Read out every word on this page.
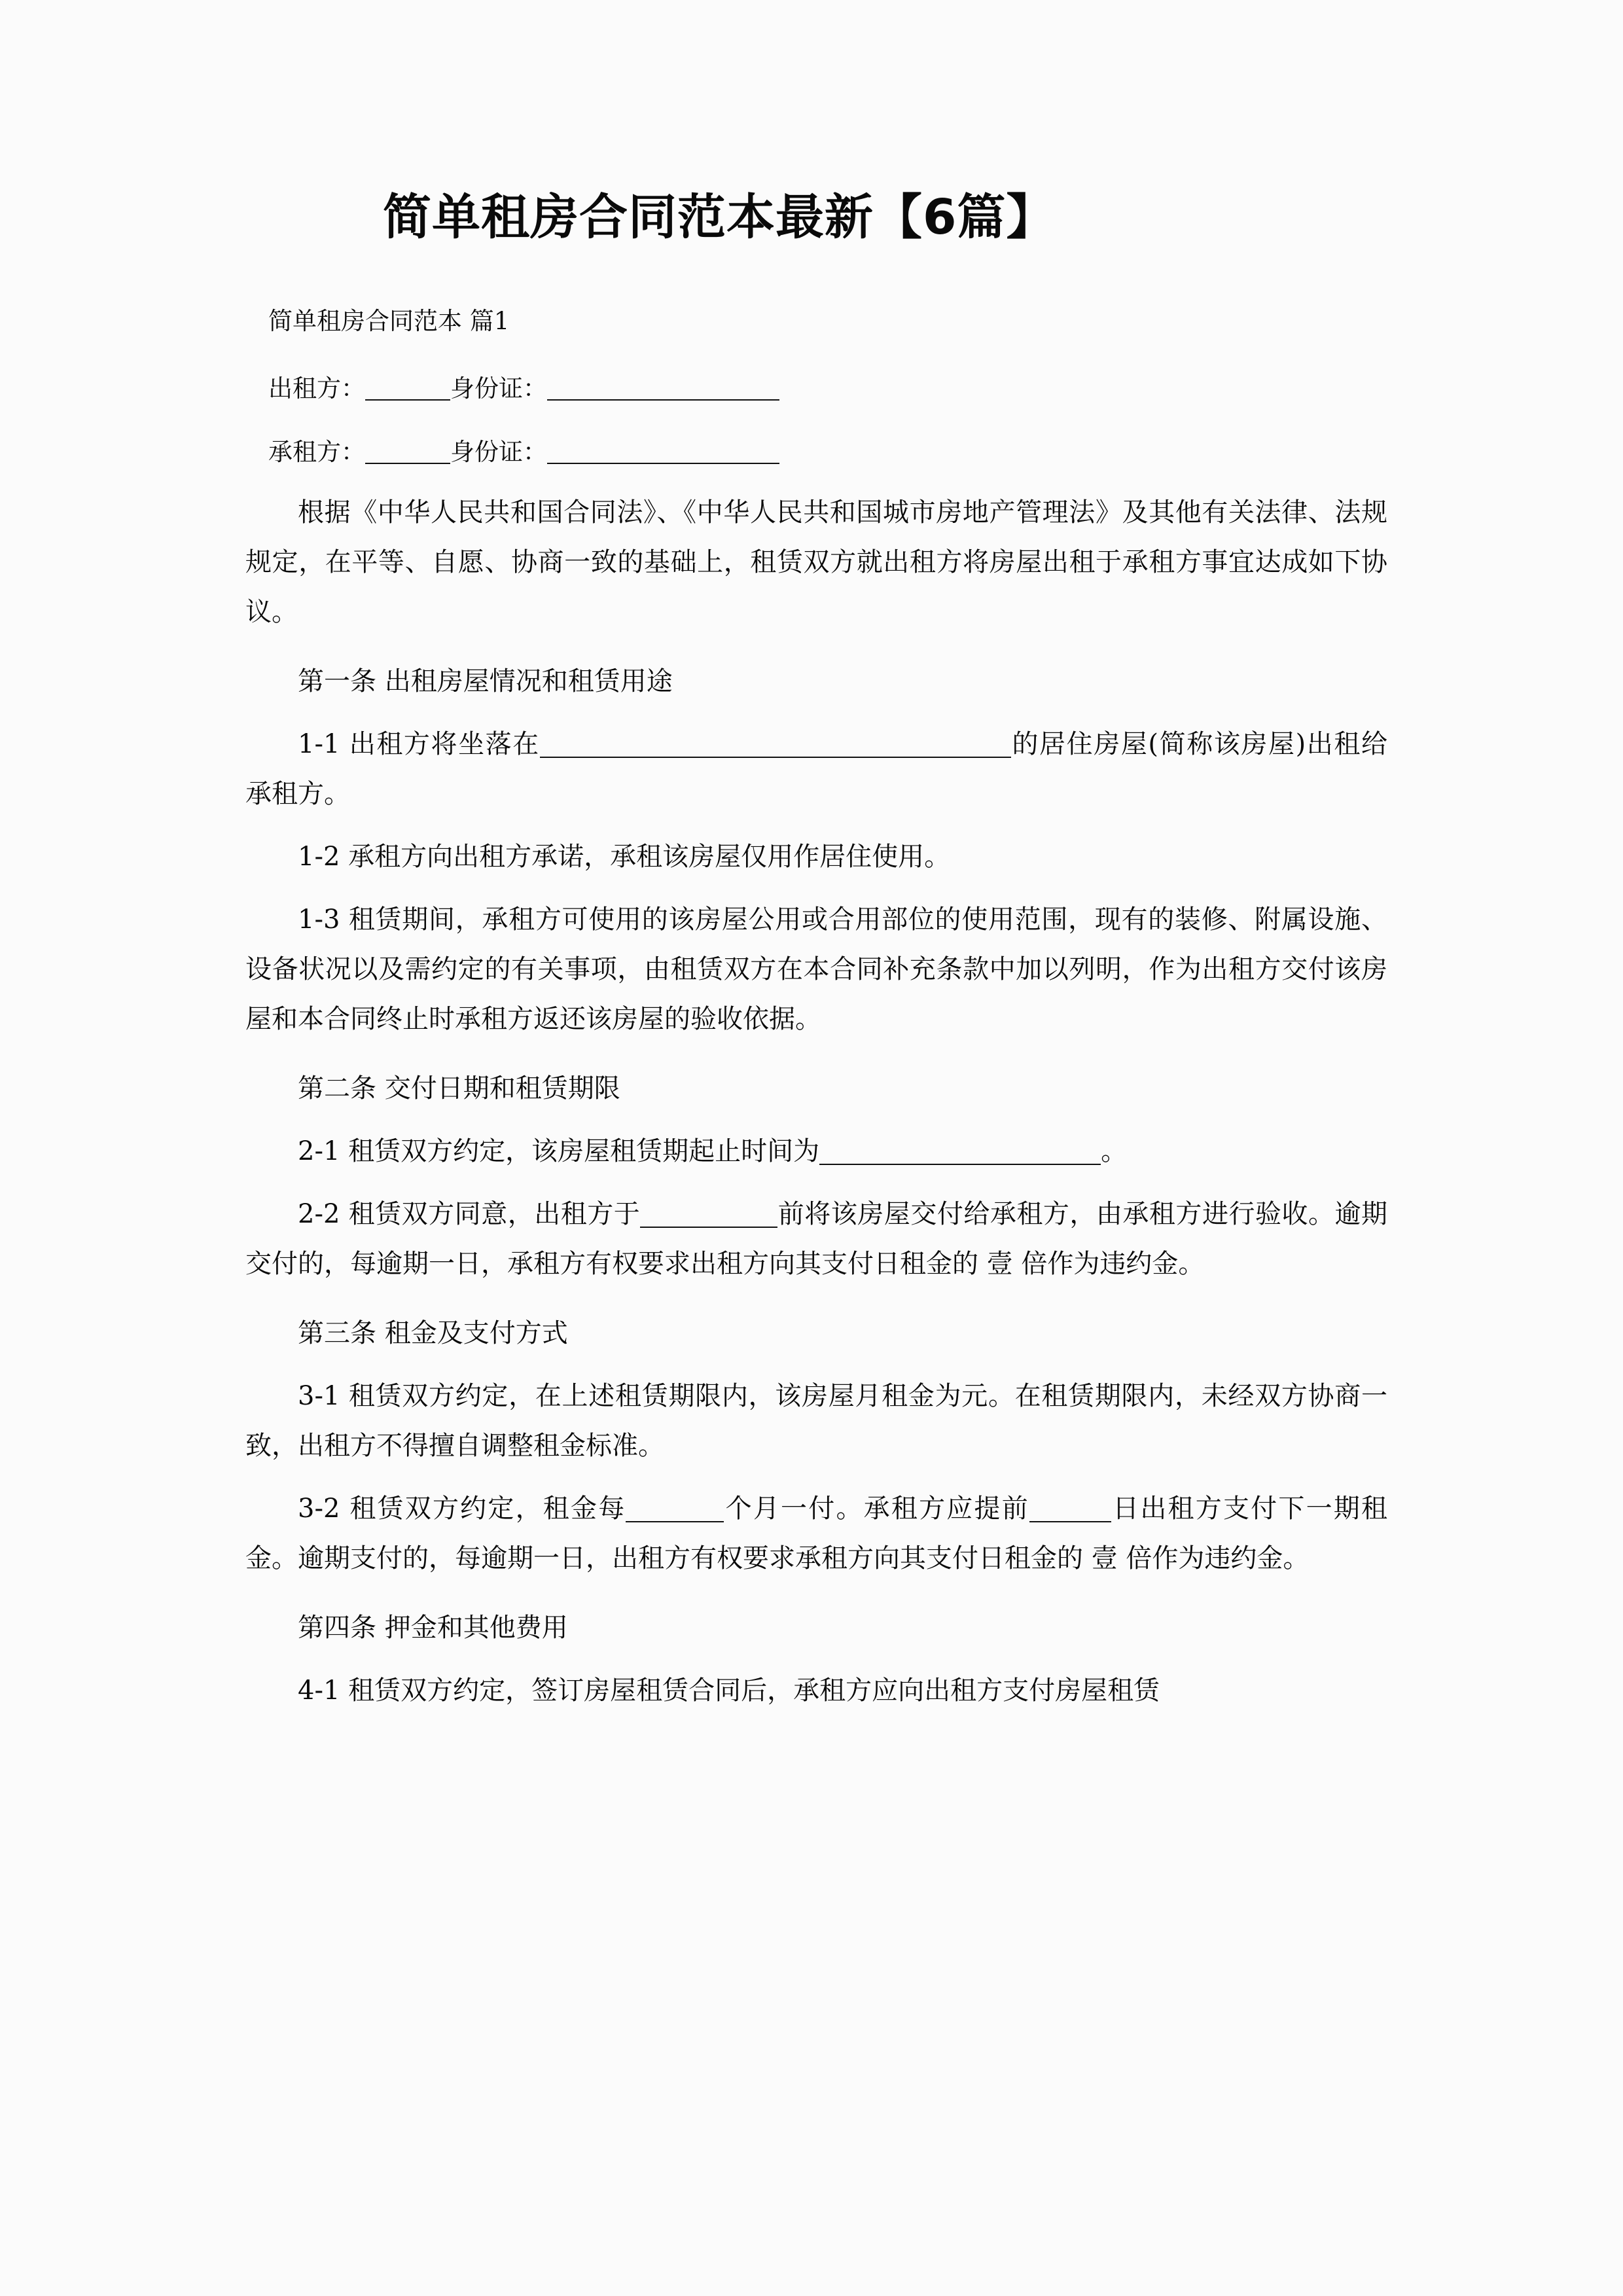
简单租房合同范本最新【6篇】
简单租房合同范本 篇1
出租方：	身份证：
承租方：	身份证：

根据《中华人民共和国合同法》、《中华人民共和国城市房地产管理法》及其他有关法律、法规规定，在平等、自愿、协商一致的基础上，租赁双方就出租方将房屋出租于承租方事宜达成如下协议。

第一条 出租房屋情况和租赁用途

1-1 出租方将坐落在	的居住房屋(简称该房屋)出租给承租方。

1-2 承租方向出租方承诺，承租该房屋仅用作居住使用。

1-3 租赁期间，承租方可使用的该房屋公用或合用部位的使用范围，现有的装修、附属设施、设备状况以及需约定的有关事项，由租赁双方在本合同补充条款中加以列明，作为出租方交付该房屋和本合同终止时承租方返还该房屋的验收依据。

第二条 交付日期和租赁期限

2-1 租赁双方约定，该房屋租赁期起止时间为	。

2-2 租赁双方同意，出租方于	前将该房屋交付给承租方，由承租方进行验收。逾期交付的，每逾期一日，承租方有权要求出租方向其支付日租金的 壹 倍作为违约金。

第三条 租金及支付方式

3-1 租赁双方约定，在上述租赁期限内，该房屋月租金为元。在租赁期限内，未经双方协商一致，出租方不得擅自调整租金标准。

3-2 租赁双方约定，租金每	个月一付。承租方应提前	日出租方支付下一期租金。逾期支付的，每逾期一日，出租方有权要求承租方向其支付日租金的 壹 倍作为违约金。

第四条 押金和其他费用

4-1 租赁双方约定，签订房屋租赁合同后，承租方应向出租方支付房屋租赁
